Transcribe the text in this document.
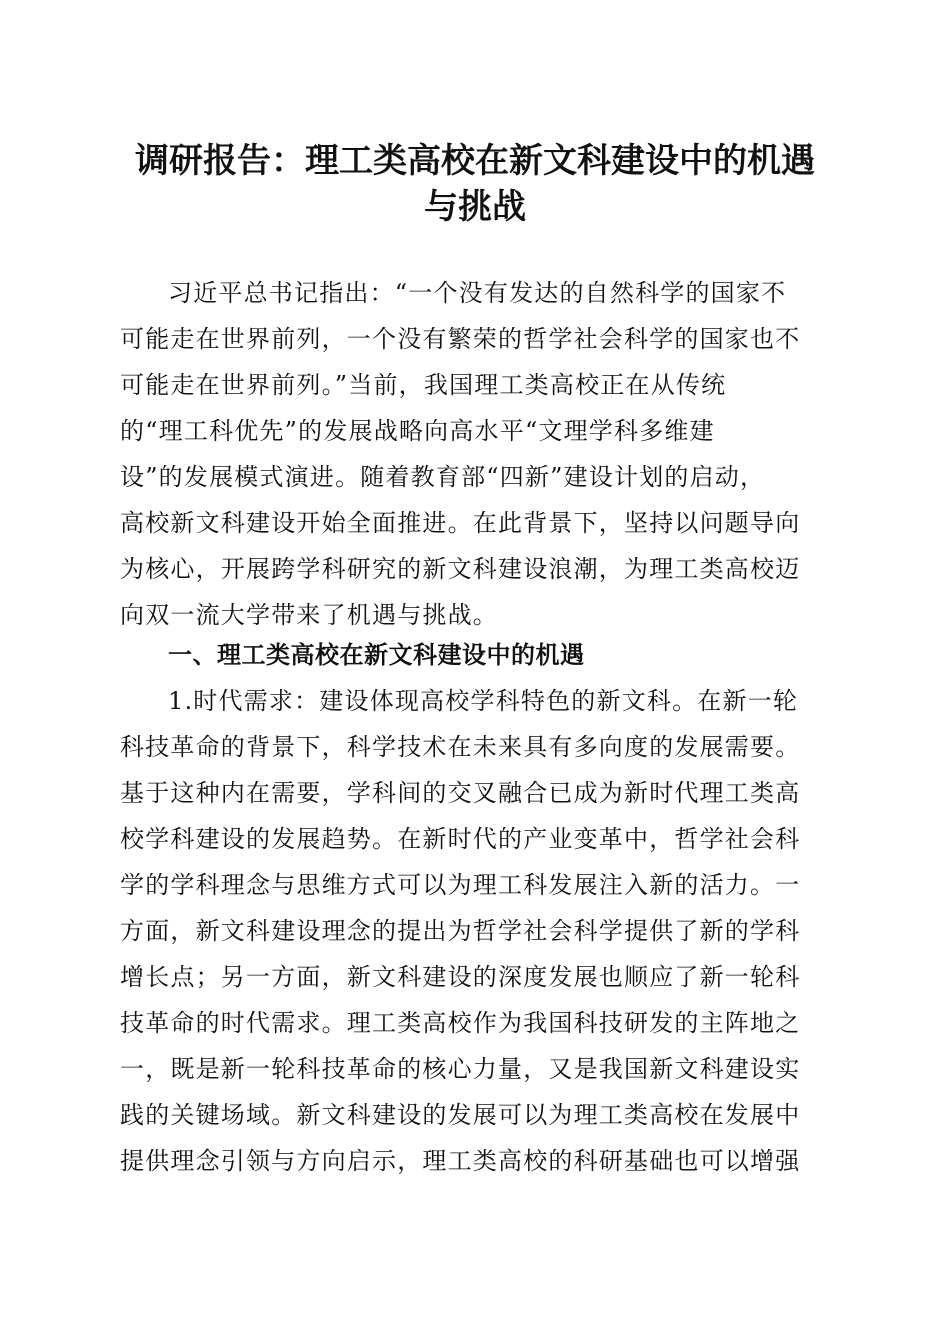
调研报告：理工类高校在新文科建设中的机遇
与挑战
习近平总书记指出：“一个没有发达的自然科学的国家不
可能走在世界前列，一个没有繁荣的哲学社会科学的国家也不
可能走在世界前列。”当前，我国理工类高校正在从传统
的“理工科优先”的发展战略向高水平“文理学科多维建
设”的发展模式演进。随着教育部“四新”建设计划的启动，
高校新文科建设开始全面推进。在此背景下，坚持以问题导向
为核心，开展跨学科研究的新文科建设浪潮，为理工类高校迈
向双一流大学带来了机遇与挑战。
一、理工类高校在新文科建设中的机遇
1.时代需求：建设体现高校学科特色的新文科。在新一轮
科技革命的背景下，科学技术在未来具有多向度的发展需要。
基于这种内在需要，学科间的交叉融合已成为新时代理工类高
校学科建设的发展趋势。在新时代的产业变革中，哲学社会科
学的学科理念与思维方式可以为理工科发展注入新的活力。一
方面，新文科建设理念的提出为哲学社会科学提供了新的学科
增长点；另一方面，新文科建设的深度发展也顺应了新一轮科
技革命的时代需求。理工类高校作为我国科技研发的主阵地之
一，既是新一轮科技革命的核心力量，又是我国新文科建设实
践的关键场域。新文科建设的发展可以为理工类高校在发展中
提供理念引领与方向启示，理工类高校的科研基础也可以增强
